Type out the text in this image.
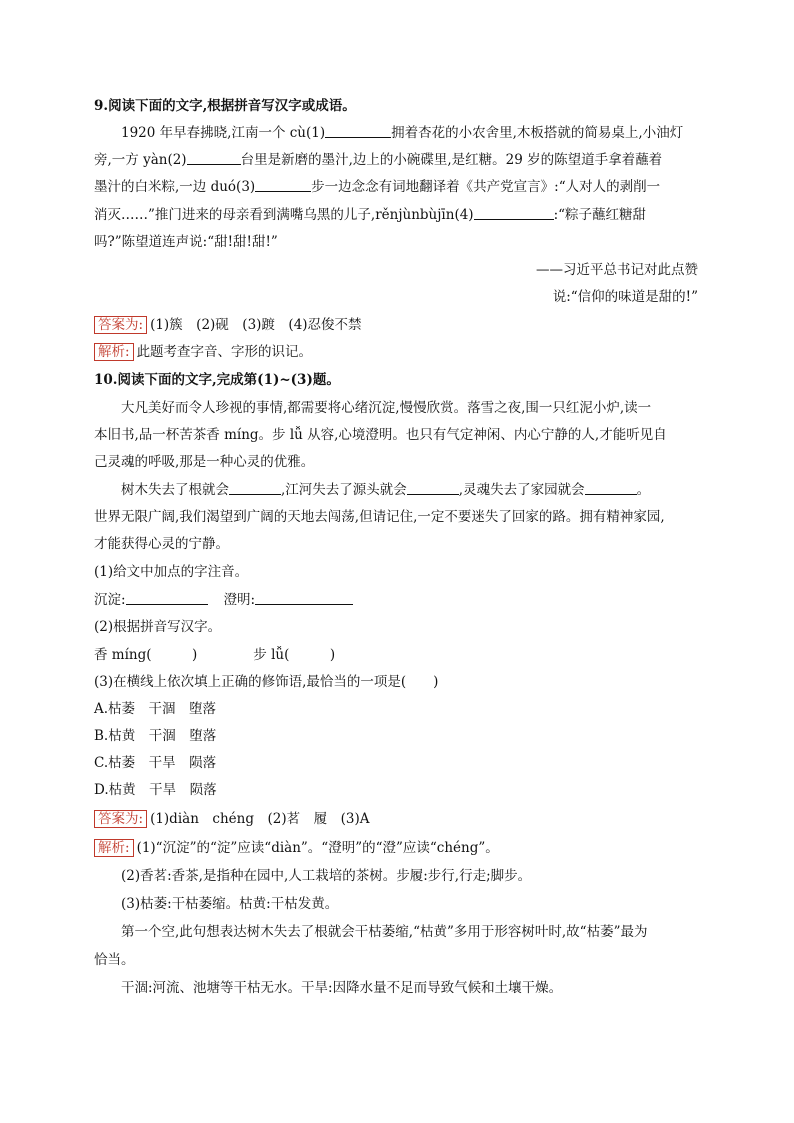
9.阅读下面的文字,根据拼音写汉字或成语。
1920 年早春拂晓,江南一个 cù(1)	拥着杏花的小农舍里,木板搭就的简易桌上,小油灯
旁,一方 yàn(2)	台里是新磨的墨汁,边上的小碗碟里,是红糖。29 岁的陈望道手拿着蘸着
墨汁的白米粽,一边 duó(3)	步一边念念有词地翻译着《共产党宣言》:“人对人的剥削一
消灭……”推门进来的母亲看到满嘴乌黑的儿子,rěnjùnbùjīn(4)	:“粽子蘸红糖甜
吗?”陈望道连声说:“甜!甜!甜!”
——习近平总书记对此点赞
说:“信仰的味道是甜的!”
答案为: (1)簇　(2)砚　(3)踱　(4)忍俊不禁
解析: 此题考查字音、字形的识记。
10.阅读下面的文字,完成第(1)~(3)题。
大凡美好而令人珍视的事情,都需要将心绪沉淀,慢慢欣赏。落雪之夜,围一只红泥小炉,读一
本旧书,品一杯苦茶香 míng。步 lǚ 从容,心境澄明。也只有气定神闲、内心宁静的人,才能听见自
己灵魂的呼吸,那是一种心灵的优雅。
树木失去了根就会	,江河失去了源头就会	,灵魂失去了家园就会	。
世界无限广阔,我们渴望到广阔的天地去闯荡,但请记住,一定不要迷失了回家的路。拥有精神家园,
才能获得心灵的宁静。
(1)给文中加点的字注音。
沉淀:	澄明:
(2)根据拼音写汉字。
香 míng(　　　)	步 lǚ(　　　)
(3)在横线上依次填上正确的修饰语,最恰当的一项是(　　)
A.枯萎　干涸　堕落
B.枯黄　干涸　堕落
C.枯萎　干旱　陨落
D.枯黄　干旱　陨落
答案为: (1)diàn　chéng　(2)茗　履　(3)A
解析: (1)“沉淀”的“淀”应读“diàn”。“澄明”的“澄”应读“chéng”。
(2)香茗:香茶,是指种在园中,人工栽培的茶树。步履:步行,行走;脚步。
(3)枯萎:干枯萎缩。枯黄:干枯发黄。
第一个空,此句想表达树木失去了根就会干枯萎缩,“枯黄”多用于形容树叶时,故“枯萎”最为
恰当。
干涸:河流、池塘等干枯无水。干旱:因降水量不足而导致气候和土壤干燥。
